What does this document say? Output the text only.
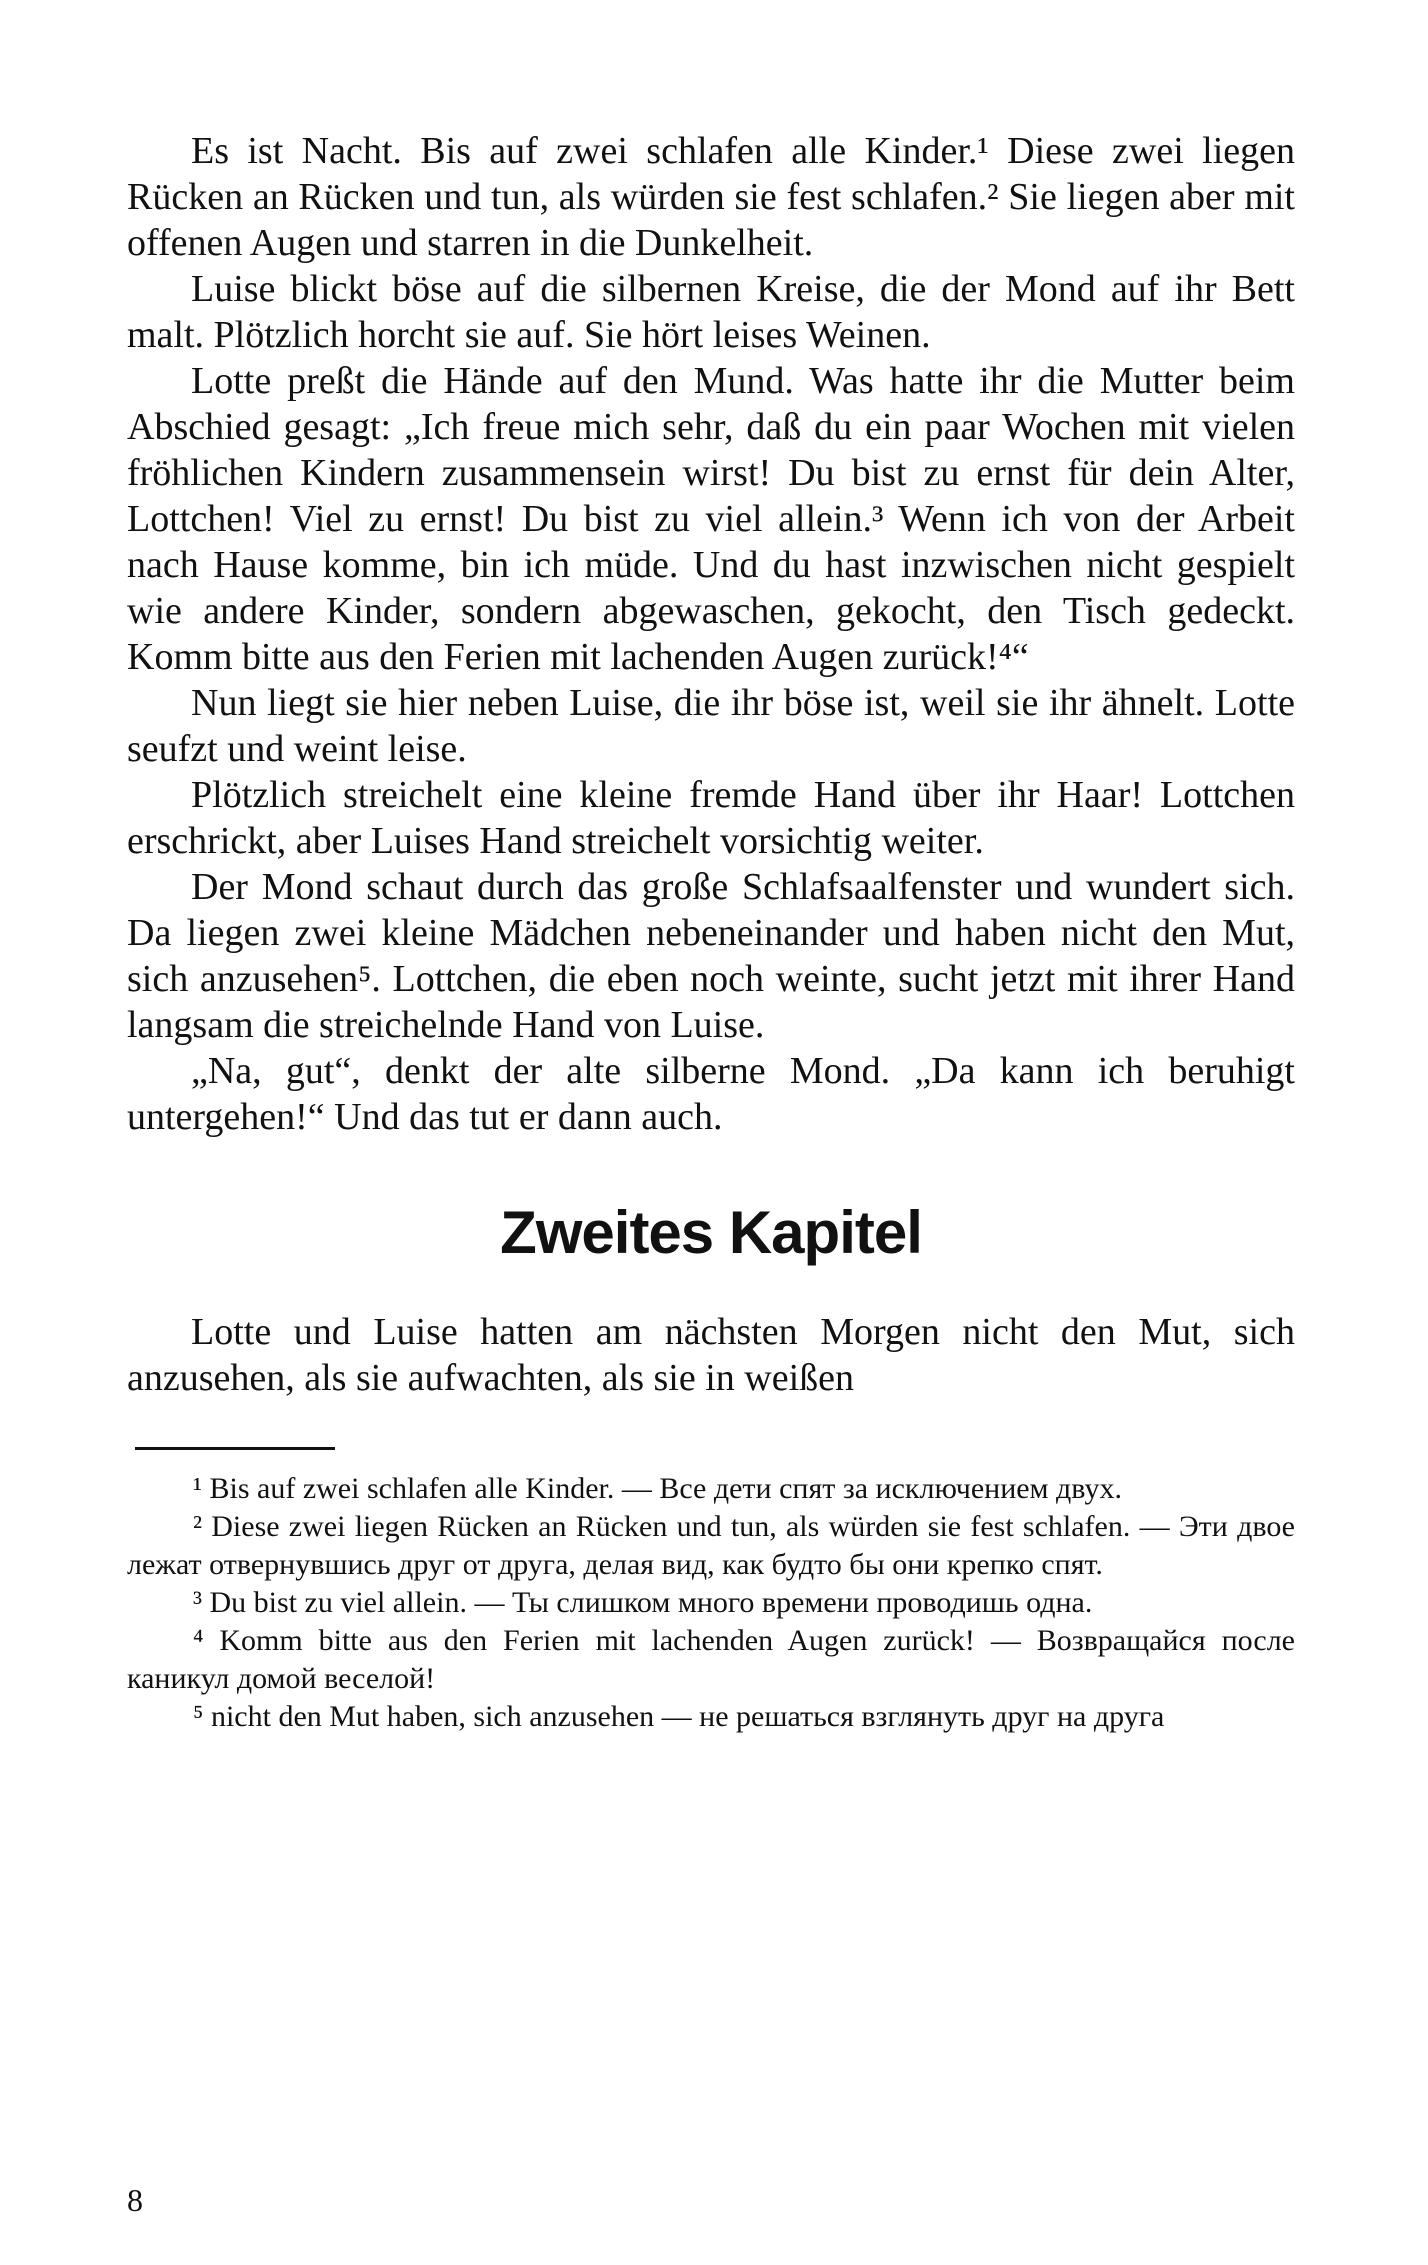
Es ist Nacht. Bis auf zwei schlafen alle Kinder.¹ Diese zwei liegen Rücken an Rücken und tun, als würden sie fest schlafen.² Sie liegen aber mit offenen Augen und starren in die Dunkelheit.

Luise blickt böse auf die silbernen Kreise, die der Mond auf ihr Bett malt. Plötzlich horcht sie auf. Sie hört leises Weinen.

Lotte preßt die Hände auf den Mund. Was hatte ihr die Mutter beim Abschied gesagt: „Ich freue mich sehr, daß du ein paar Wochen mit vielen fröhlichen Kindern zusammensein wirst! Du bist zu ernst für dein Alter, Lottchen! Viel zu ernst! Du bist zu viel allein.³ Wenn ich von der Arbeit nach Hause komme, bin ich müde. Und du hast inzwischen nicht gespielt wie andere Kinder, sondern abgewaschen, gekocht, den Tisch gedeckt. Komm bitte aus den Ferien mit lachenden Augen zurück!⁴“

Nun liegt sie hier neben Luise, die ihr böse ist, weil sie ihr ähnelt. Lotte seufzt und weint leise.

Plötzlich streichelt eine kleine fremde Hand über ihr Haar! Lottchen erschrickt, aber Luises Hand streichelt vorsichtig weiter.

Der Mond schaut durch das große Schlafsaalfenster und wundert sich. Da liegen zwei kleine Mädchen nebeneinander und haben nicht den Mut, sich anzusehen⁵. Lottchen, die eben noch weinte, sucht jetzt mit ihrer Hand langsam die streichelnde Hand von Luise.

„Na, gut“, denkt der alte silberne Mond. „Da kann ich beruhigt untergehen!“ Und das tut er dann auch.

Zweites Kapitel

Lotte und Luise hatten am nächsten Morgen nicht den Mut, sich anzusehen, als sie aufwachten, als sie in weißen

¹ Bis auf zwei schlafen alle Kinder. — Все дети спят за исключением двух.

² Diese zwei liegen Rücken an Rücken und tun, als würden sie fest schlafen. — Эти двое лежат отвернувшись друг от друга, делая вид, как будто бы они крепко спят.

³ Du bist zu viel allein. — Ты слишком много времени проводишь одна.

⁴ Komm bitte aus den Ferien mit lachenden Augen zurück! — Возвращайся после каникул домой веселой!

⁵ nicht den Mut haben, sich anzusehen — не решаться взглянуть друг на друга

8
